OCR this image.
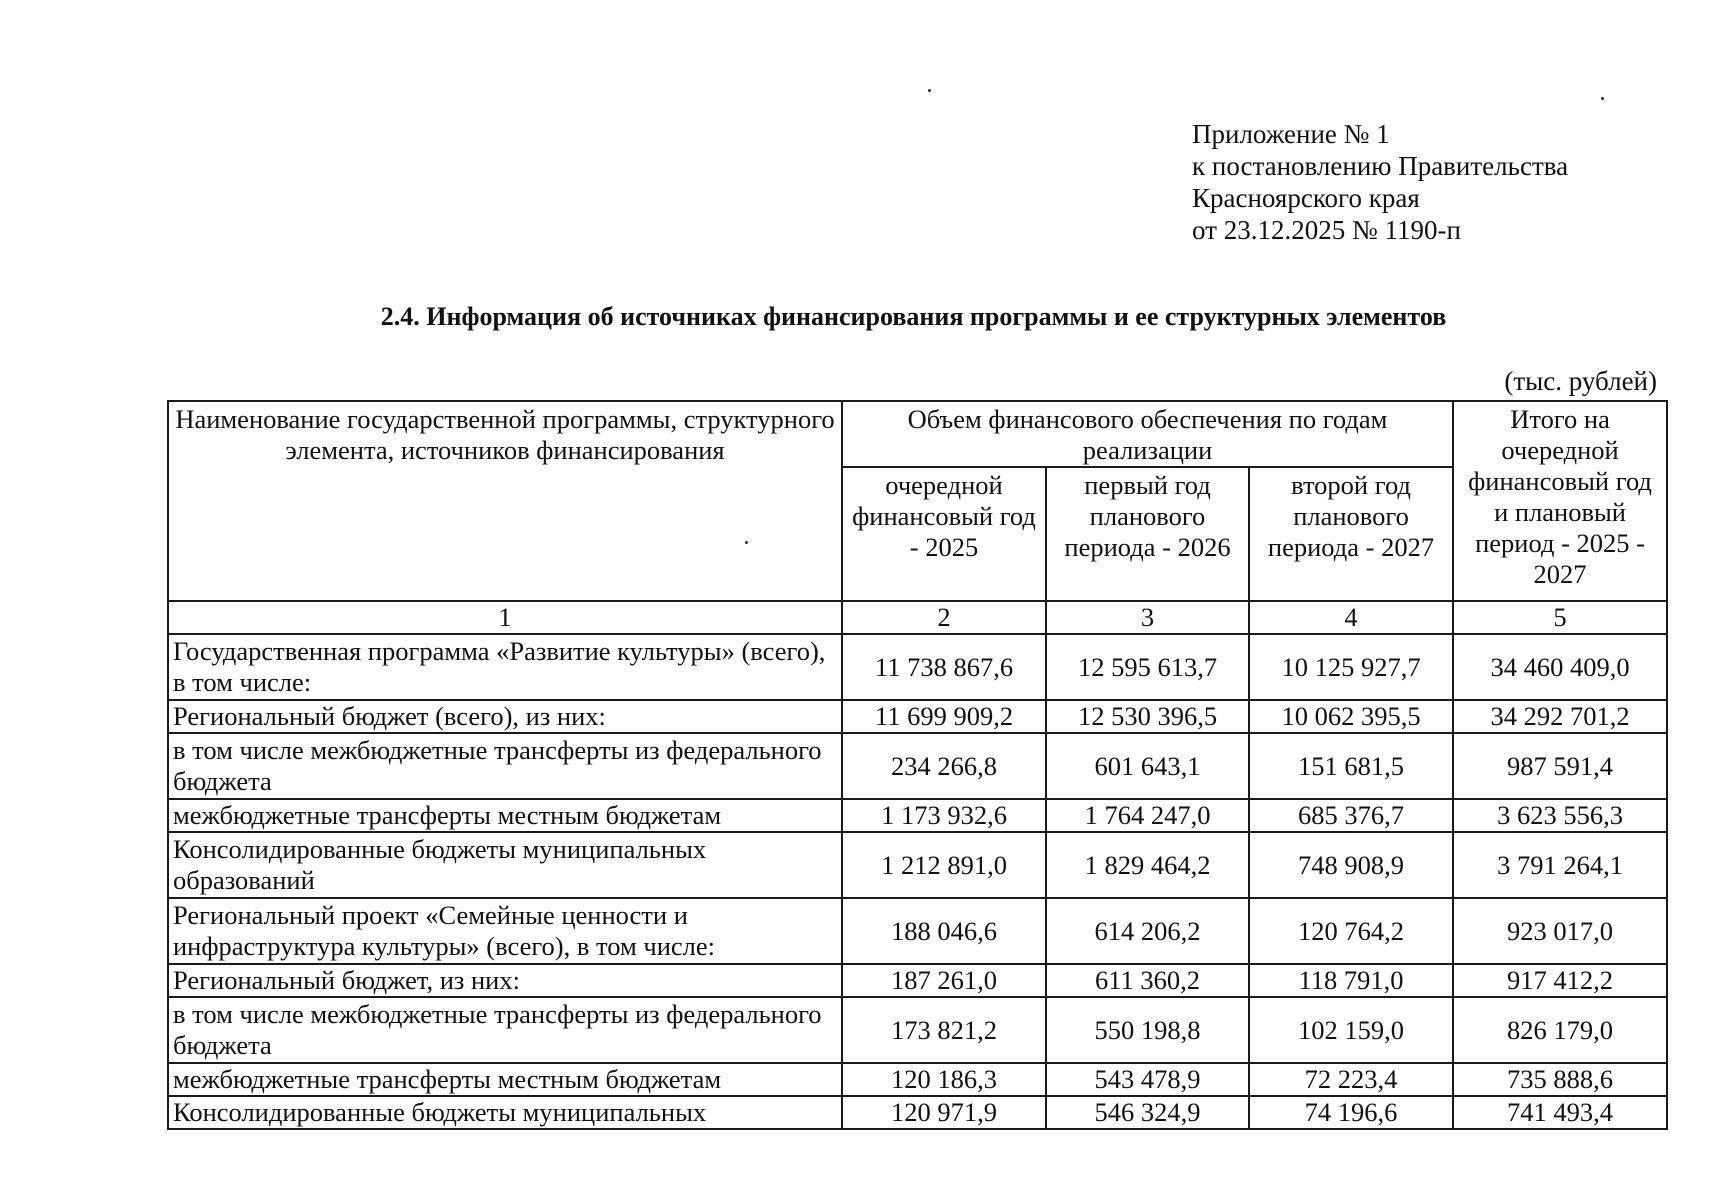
Приложение № 1
к постановлению Правительства
Красноярского края
от 23.12.2025 № 1190-п
2.4. Информация об источниках финансирования программы и ее структурных элементов
(тыс. рублей)
Наименование государственной программы, структурного элемента, источников финансирования	Объем финансового обеспечения по годам реализации			Итого на очередной финансовый год и плановый период - 2025 - 2027
	очередной финансовый год - 2025	первый год планового периода - 2026	второй год планового периода - 2027	
1	2	3	4	5
Государственная программа «Развитие культуры» (всего), в том числе:	11 738 867,6	12 595 613,7	10 125 927,7	34 460 409,0
Региональный бюджет (всего), из них:	11 699 909,2	12 530 396,5	10 062 395,5	34 292 701,2
в том числе межбюджетные трансферты из федерального бюджета	234 266,8	601 643,1	151 681,5	987 591,4
межбюджетные трансферты местным бюджетам	1 173 932,6	1 764 247,0	685 376,7	3 623 556,3
Консолидированные бюджеты муниципальных образований	1 212 891,0	1 829 464,2	748 908,9	3 791 264,1
Региональный проект «Семейные ценности и инфраструктура культуры» (всего), в том числе:	188 046,6	614 206,2	120 764,2	923 017,0
Региональный бюджет, из них:	187 261,0	611 360,2	118 791,0	917 412,2
в том числе межбюджетные трансферты из федерального бюджета	173 821,2	550 198,8	102 159,0	826 179,0
межбюджетные трансферты местным бюджетам	120 186,3	543 478,9	72 223,4	735 888,6
Консолидированные бюджеты муниципальных	120 971,9	546 324,9	74 196,6	741 493,4
